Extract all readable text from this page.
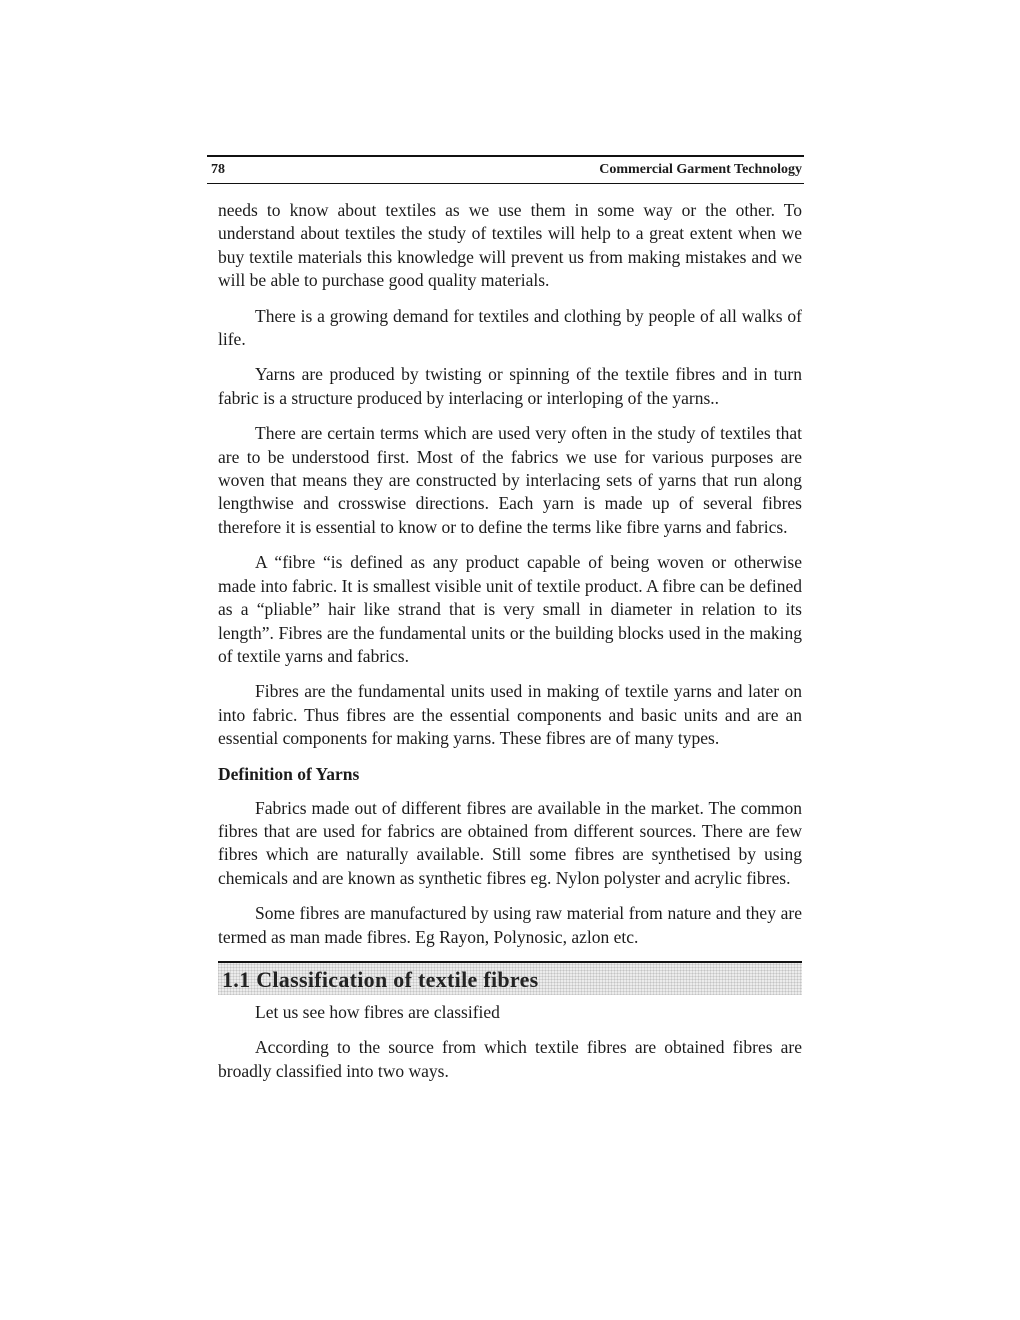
78	Commercial Garment Technology

needs to know about textiles as we use them in some way or the other. To understand about textiles the study of textiles will help to a great extent when we buy textile materials this knowledge will prevent us from making mistakes and we will be able to purchase good quality materials.

There is a growing demand for textiles and clothing by people of all walks of life.

Yarns are produced by twisting or spinning of the textile fibres and in turn fabric is a structure produced by interlacing or interloping of the yarns..

There are certain terms which are used very often in the study of textiles that are to be understood first. Most of the fabrics we use for various purposes are woven that means they are constructed by interlacing sets of yarns that run along lengthwise and crosswise directions. Each yarn is made up of several fibres therefore it is essential to know or to define the terms like fibre yarns and fabrics.

A “fibre “is defined as any product capable of being woven or otherwise made into fabric. It is smallest visible unit of textile product. A fibre can be defined as a “pliable” hair like strand that is very small in diameter in relation to its length”. Fibres are the fundamental units or the building blocks used in the making of textile yarns and fabrics.

Fibres are the fundamental units used in making of textile yarns and later on into fabric. Thus fibres are the essential components and basic units and are an essential components for making yarns. These fibres are of many types.

Definition of Yarns

Fabrics made out of different fibres are available in the market. The common fibres that are used for fabrics are obtained from different sources. There are few fibres which are naturally available. Still some fibres are synthetised by using chemicals and are known as synthetic fibres eg. Nylon polyster and acrylic fibres.

Some fibres are manufactured by using raw material from nature and they are termed as man made fibres. Eg Rayon, Polynosic, azlon etc.

1.1 Classification of textile fibres

Let us see how fibres are classified

According to the source from which textile fibres are obtained fibres are broadly classified into two ways.
